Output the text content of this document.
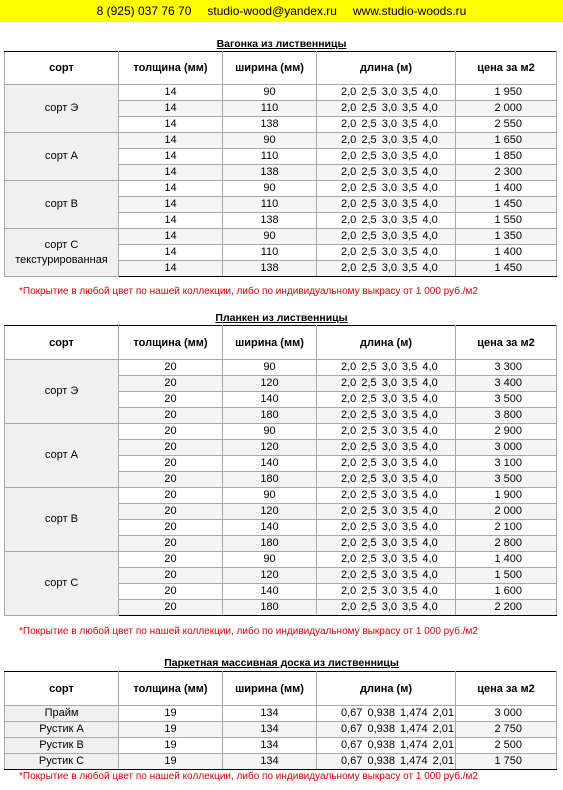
8 (925) 037 76 70 studio-wood@yandex.ru www.studio-woods.ru
Вагонка из лиственницы
сорт	толщина (мм)	ширина (мм)	длина (м)	цена за м2
сорт Э	14	90	2,0 2,5 3,0 3,5 4,0	1 950
	14	110	2,0 2,5 3,0 3,5 4,0	2 000
	14	138	2,0 2,5 3,0 3,5 4,0	2 550
сорт А	14	90	2,0 2,5 3,0 3,5 4,0	1 650
	14	110	2,0 2,5 3,0 3,5 4,0	1 850
	14	138	2,0 2,5 3,0 3,5 4,0	2 300
сорт В	14	90	2,0 2,5 3,0 3,5 4,0	1 400
	14	110	2,0 2,5 3,0 3,5 4,0	1 450
	14	138	2,0 2,5 3,0 3,5 4,0	1 550
сорт С текстурированная	14	90	2,0 2,5 3,0 3,5 4,0	1 350
	14	110	2,0 2,5 3,0 3,5 4,0	1 400
	14	138	2,0 2,5 3,0 3,5 4,0	1 450
*Покрытие в любой цвет по нашей коллекции, либо по индивидуальному выкрасу от 1 000 руб./м2
Планкен из лиственницы
сорт	толщина (мм)	ширина (мм)	длина (м)	цена за м2
сорт Э	20	90	2,0 2,5 3,0 3,5 4,0	3 300
	20	120	2,0 2,5 3,0 3,5 4,0	3 400
	20	140	2,0 2,5 3,0 3,5 4,0	3 500
	20	180	2,0 2,5 3,0 3,5 4,0	3 800
сорт А	20	90	2,0 2,5 3,0 3,5 4,0	2 900
	20	120	2,0 2,5 3,0 3,5 4,0	3 000
	20	140	2,0 2,5 3,0 3,5 4,0	3 100
	20	180	2,0 2,5 3,0 3,5 4,0	3 500
сорт В	20	90	2,0 2,5 3,0 3,5 4,0	1 900
	20	120	2,0 2,5 3,0 3,5 4,0	2 000
	20	140	2,0 2,5 3,0 3,5 4,0	2 100
	20	180	2,0 2,5 3,0 3,5 4,0	2 800
сорт С	20	90	2,0 2,5 3,0 3,5 4,0	1 400
	20	120	2,0 2,5 3,0 3,5 4,0	1 500
	20	140	2,0 2,5 3,0 3,5 4,0	1 600
	20	180	2,0 2,5 3,0 3,5 4,0	2 200
*Покрытие в любой цвет по нашей коллекции, либо по индивидуальному выкрасу от 1 000 руб./м2
Паркетная массивная доска из лиственницы
сорт	толщина (мм)	ширина (мм)	длина (м)	цена за м2
Прайм	19	134	0,67 0,938 1,474 2,01	3 000
Рустик А	19	134	0,67 0,938 1,474 2,01	2 750
Рустик В	19	134	0,67 0,938 1,474 2,01	2 500
Рустик С	19	134	0,67 0,938 1,474 2,01	1 750
*Покрытие в любой цвет по нашей коллекции, либо по индивидуальному выкрасу от 1 000 руб./м2
